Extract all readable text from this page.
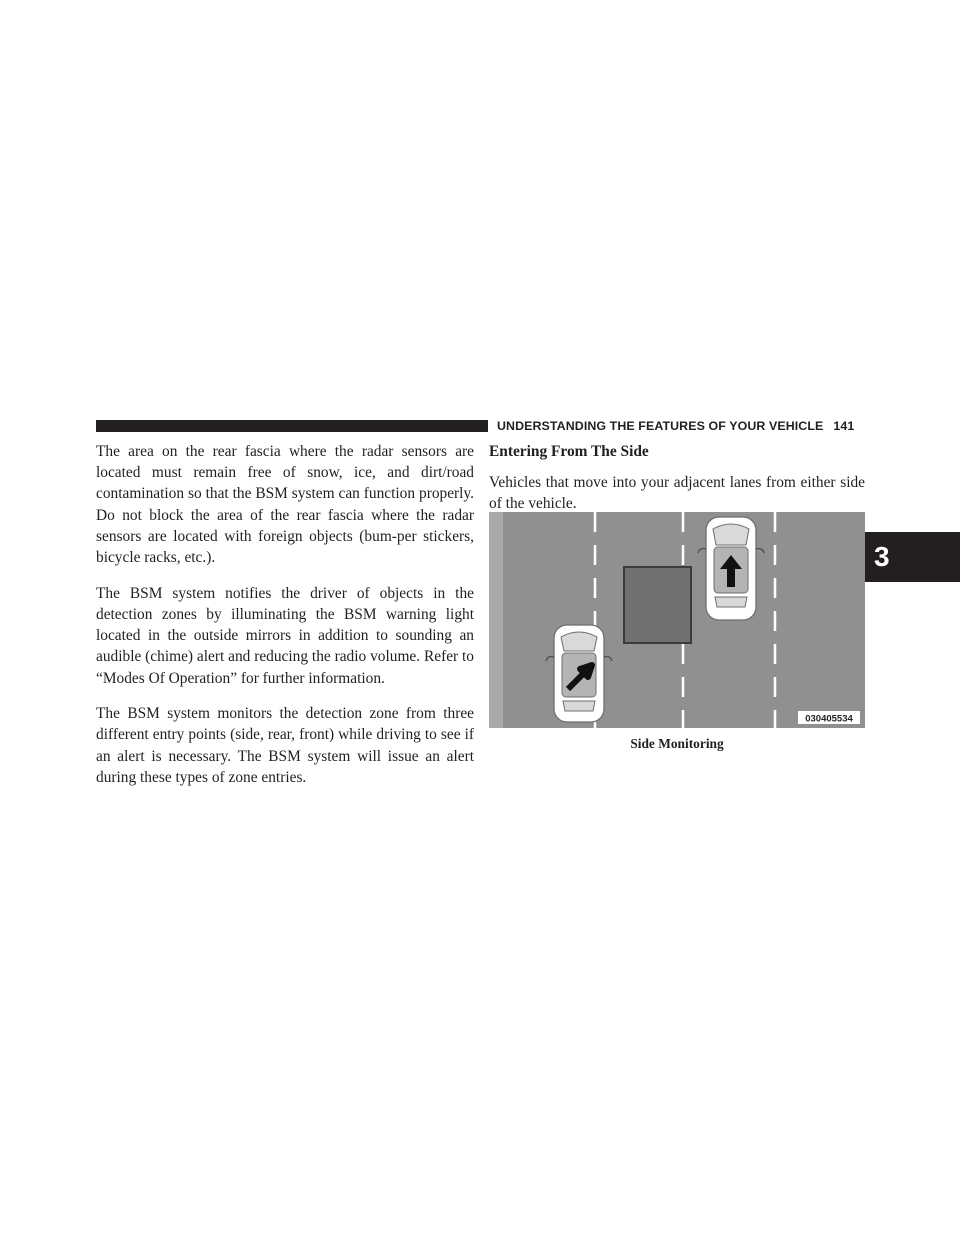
UNDERSTANDING THE FEATURES OF YOUR VEHICLE 141
3

The area on the rear fascia where the radar sensors are located must remain free of snow, ice, and dirt/road contamination so that the BSM system can function properly. Do not block the area of the rear fascia where the radar sensors are located with foreign objects (bum-per stickers, bicycle racks, etc.).

The BSM system notifies the driver of objects in the detection zones by illuminating the BSM warning light located in the outside mirrors in addition to sounding an audible (chime) alert and reducing the radio volume. Refer to “Modes Of Operation” for further information.

The BSM system monitors the detection zone from three different entry points (side, rear, front) while driving to see if an alert is necessary. The BSM system will issue an alert during these types of zone entries.

Entering From The Side

Vehicles that move into your adjacent lanes from either side of the vehicle.

030405534
Side Monitoring
